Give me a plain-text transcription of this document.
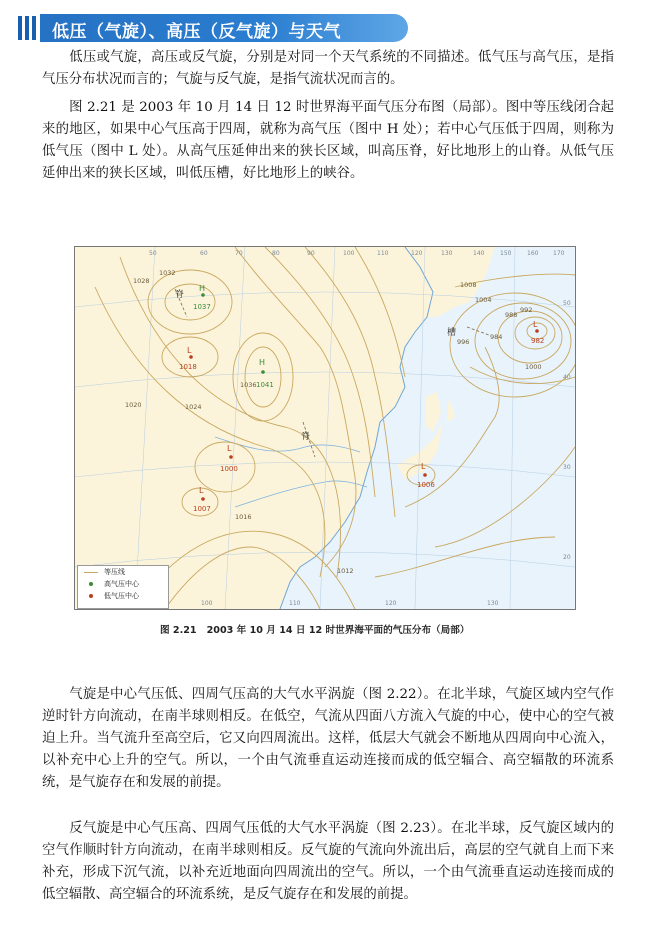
低压（气旋）、高压（反气旋）与天气
低压或气旋，高压或反气旋，分别是对同一个天气系统的不同描述。低气压与高气压，是指气压分布状况而言的；气旋与反气旋，是指气流状况而言的。
图 2.21 是 2003 年 10 月 14 日 12 时世界海平面气压分布图（局部）。图中等压线闭合起来的地区，如果中心气压高于四周，就称为高气压（图中 H 处）；若中心气压低于四周，则称为低气压（图中 L 处）。从高气压延伸出来的狭长区域，叫高压脊，好比地形上的山脊。从低气压延伸出来的狭长区域，叫低压槽，好比地形上的峡谷。
1028
1032
1024
1020
1016
1012
1008
1004
1000
996
988
984
992
1036
脊
脊
槽
H
1037
L
1018	H
1041
L
1000
L
1007
L
1006
L
982
50	60	70	80	90	100	110	120	130	140	150	160 170
100	110	120	130
50
40
30
20
等压线
高气压中心
低气压中心
图 2.21 2003 年 10 月 14 日 12 时世界海平面的气压分布（局部）
气旋是中心气压低、四周气压高的大气水平涡旋（图 2.22）。在北半球，气旋区域内空气作逆时针方向流动，在南半球则相反。在低空，气流从四面八方流入气旋的中心，使中心的空气被迫上升。当气流升至高空后，它又向四周流出。这样，低层大气就会不断地从四周向中心流入，以补充中心上升的空气。所以，一个由气流垂直运动连接而成的低空辐合、高空辐散的环流系统，是气旋存在和发展的前提。
反气旋是中心气压高、四周气压低的大气水平涡旋（图 2.23）。在北半球，反气旋区域内的空气作顺时针方向流动，在南半球则相反。反气旋的气流向外流出后，高层的空气就自上而下来补充，形成下沉气流，以补充近地面向四周流出的空气。所以，一个由气流垂直运动连接而成的低空辐散、高空辐合的环流系统，是反气旋存在和发展的前提。
